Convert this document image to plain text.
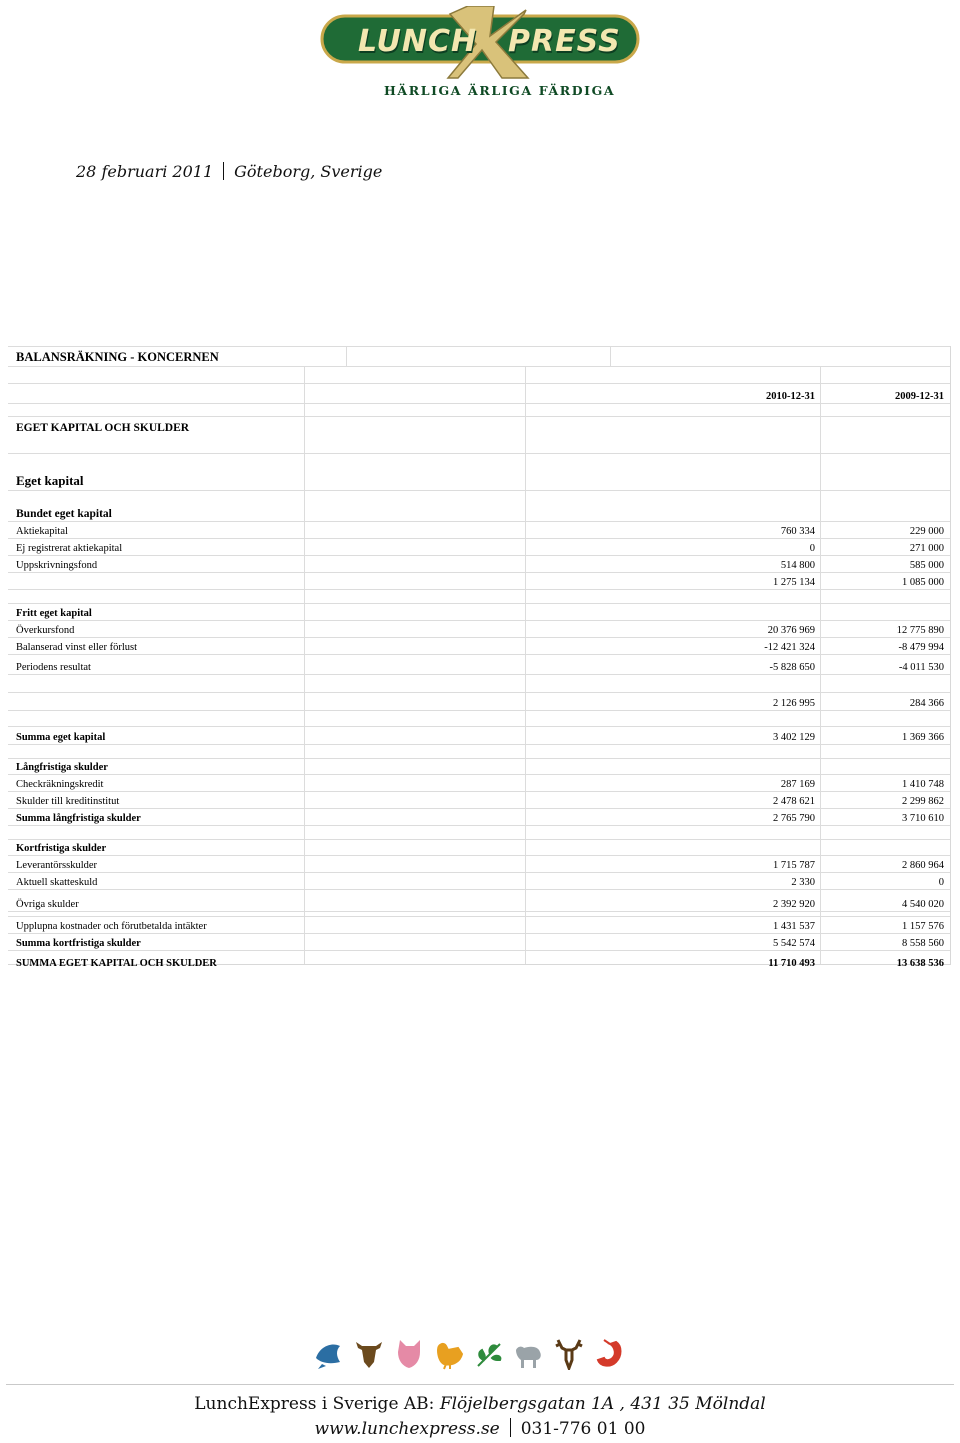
LUNCH PRESS
HÄRLIGA ÄRLIGA FÄRDIGA
28 februari 2011 Göteborg, Sverige
BALANSRÄKNING - KONCERNEN
2010-12-31	2009-12-31
EGET KAPITAL OCH SKULDER
Eget kapital
Bundet eget kapital
Aktiekapital	760 334	229 000
Ej registrerat aktiekapital	0	271 000
Uppskrivningsfond	514 800	585 000
1 275 134	1 085 000
Fritt eget kapital
Överkursfond	20 376 969	12 775 890
Balanserad vinst eller förlust	-12 421 324	-8 479 994
Periodens resultat	-5 828 650	-4 011 530
2 126 995	284 366
Summa eget kapital	3 402 129	1 369 366
Långfristiga skulder
Checkräkningskredit	287 169	1 410 748
Skulder till kreditinstitut	2 478 621	2 299 862
Summa långfristiga skulder	2 765 790	3 710 610
Kortfristiga skulder
Leverantörsskulder	1 715 787	2 860 964
Aktuell skatteskuld	2 330	0
Övriga skulder	2 392 920	4 540 020
Upplupna kostnader och förutbetalda intäkter	1 431 537	1 157 576
Summa kortfristiga skulder	5 542 574	8 558 560
SUMMA EGET KAPITAL OCH SKULDER	11 710 493	13 638 536
LunchExpress i Sverige AB: Flöjelbergsgatan 1A , 431 35 Mölndal
www.lunchexpress.se 031-776 01 00
